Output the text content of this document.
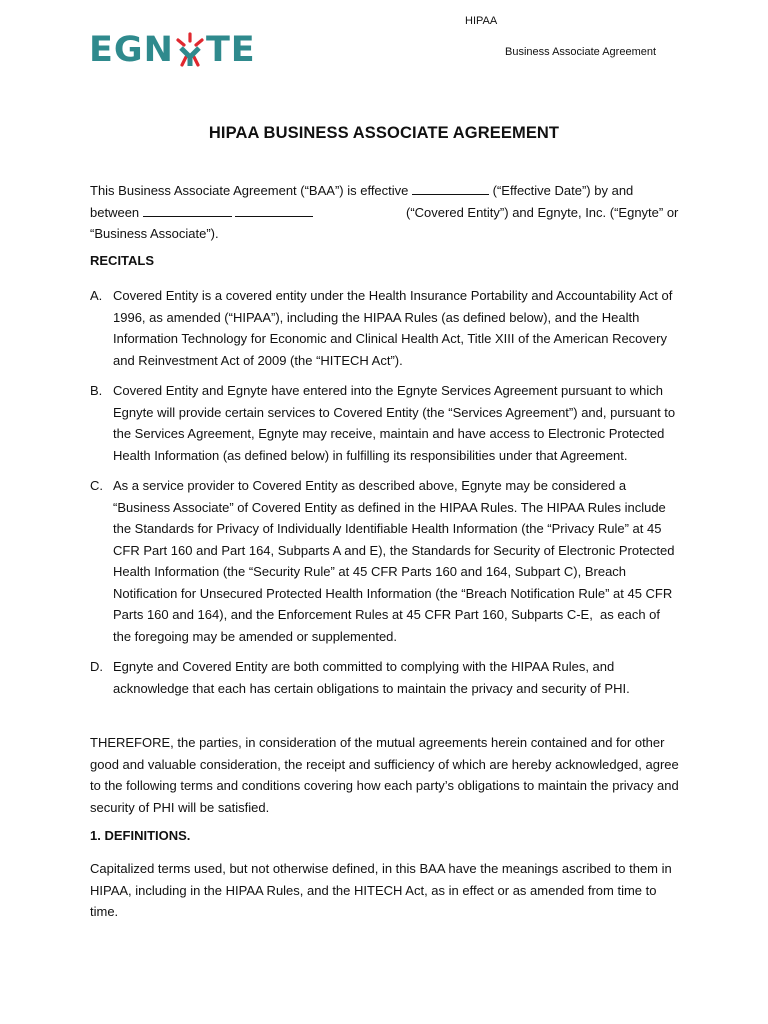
EGN TE
HIPAA
Business Associate Agreement
HIPAA BUSINESS ASSOCIATE AGREEMENT
This Business Associate Agreement (“BAA”) is effective	(“Effective Date”) by and between	(“Covered Entity”) and Egnyte, Inc. (“Egnyte” or “Business Associate”).
RECITALS
A. Covered Entity is a covered entity under the Health Insurance Portability and Accountability Act of 1996, as amended (“HIPAA”), including the HIPAA Rules (as defined below), and the Health Information Technology for Economic and Clinical Health Act, Title XIII of the American Recovery and Reinvestment Act of 2009 (the “HITECH Act”).
B. Covered Entity and Egnyte have entered into the Egnyte Services Agreement pursuant to which Egnyte will provide certain services to Covered Entity (the “Services Agreement”) and, pursuant to the Services Agreement, Egnyte may receive, maintain and have access to Electronic Protected Health Information (as defined below) in fulfilling its responsibilities under that Agreement.
C. As a service provider to Covered Entity as described above, Egnyte may be considered a “Business Associate” of Covered Entity as defined in the HIPAA Rules. The HIPAA Rules include the Standards for Privacy of Individually Identifiable Health Information (the “Privacy Rule” at 45 CFR Part 160 and Part 164, Subparts A and E), the Standards for Security of Electronic Protected Health Information (the “Security Rule” at 45 CFR Parts 160 and 164, Subpart C), Breach Notification for Unsecured Protected Health Information (the “Breach Notification Rule” at 45 CFR Parts 160 and 164), and the Enforcement Rules at 45 CFR Part 160, Subparts C-E,  as each of the foregoing may be amended or supplemented.
D. Egnyte and Covered Entity are both committed to complying with the HIPAA Rules, and acknowledge that each has certain obligations to maintain the privacy and security of PHI.
THEREFORE, the parties, in consideration of the mutual agreements herein contained and for other good and valuable consideration, the receipt and sufficiency of which are hereby acknowledged, agree to the following terms and conditions covering how each party’s obligations to maintain the privacy and security of PHI will be satisfied.
1. DEFINITIONS.
Capitalized terms used, but not otherwise defined, in this BAA have the meanings ascribed to them in HIPAA, including in the HIPAA Rules, and the HITECH Act, as in effect or as amended from time to time.
